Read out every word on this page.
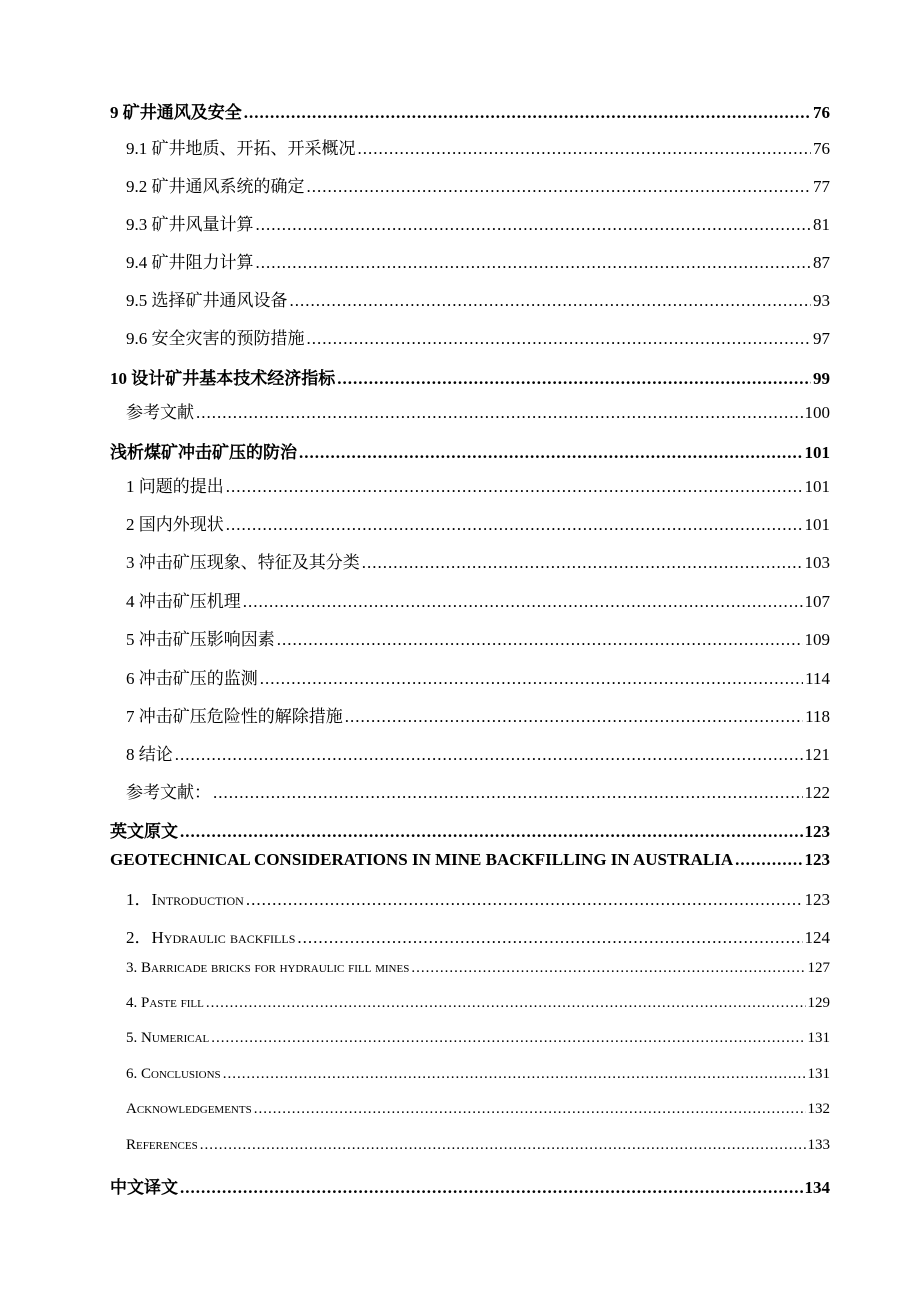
9 矿井通风及安全 .....	76
9.1 矿井地质、开拓、开采概况 .....	76
9.2 矿井通风系统的确定 .....	77
9.3 矿井风量计算 .....	81
9.4 矿井阻力计算 .....	87
9.5 选择矿井通风设备 .....	93
9.6 安全灾害的预防措施 .....	97
10 设计矿井基本技术经济指标 .....	99
参考文献 .....	100
浅析煤矿冲击矿压的防治 .....	101
1 问题的提出 .....	101
2 国内外现状 .....	101
3 冲击矿压现象、特征及其分类 .....	103
4 冲击矿压机理 .....	107
5 冲击矿压影响因素 .....	109
6 冲击矿压的监测 .....	114
7 冲击矿压危险性的解除措施 .....	118
8 结论 .....	121
参考文献： .....	122
英文原文 .....	123
GEOTECHNICAL CONSIDERATIONS IN MINE BACKFILLING IN AUSTRALIA .....	123
1．Introduction .....	123
2．Hydraulic backfills .....	124
3. Barricade bricks for hydraulic fill mines .....	127
4. Paste fill .....	129
5. Numerical .....	131
6. Conclusions .....	131
Acknowledgements .....	132
References .....	133
中文译文 .....	134
